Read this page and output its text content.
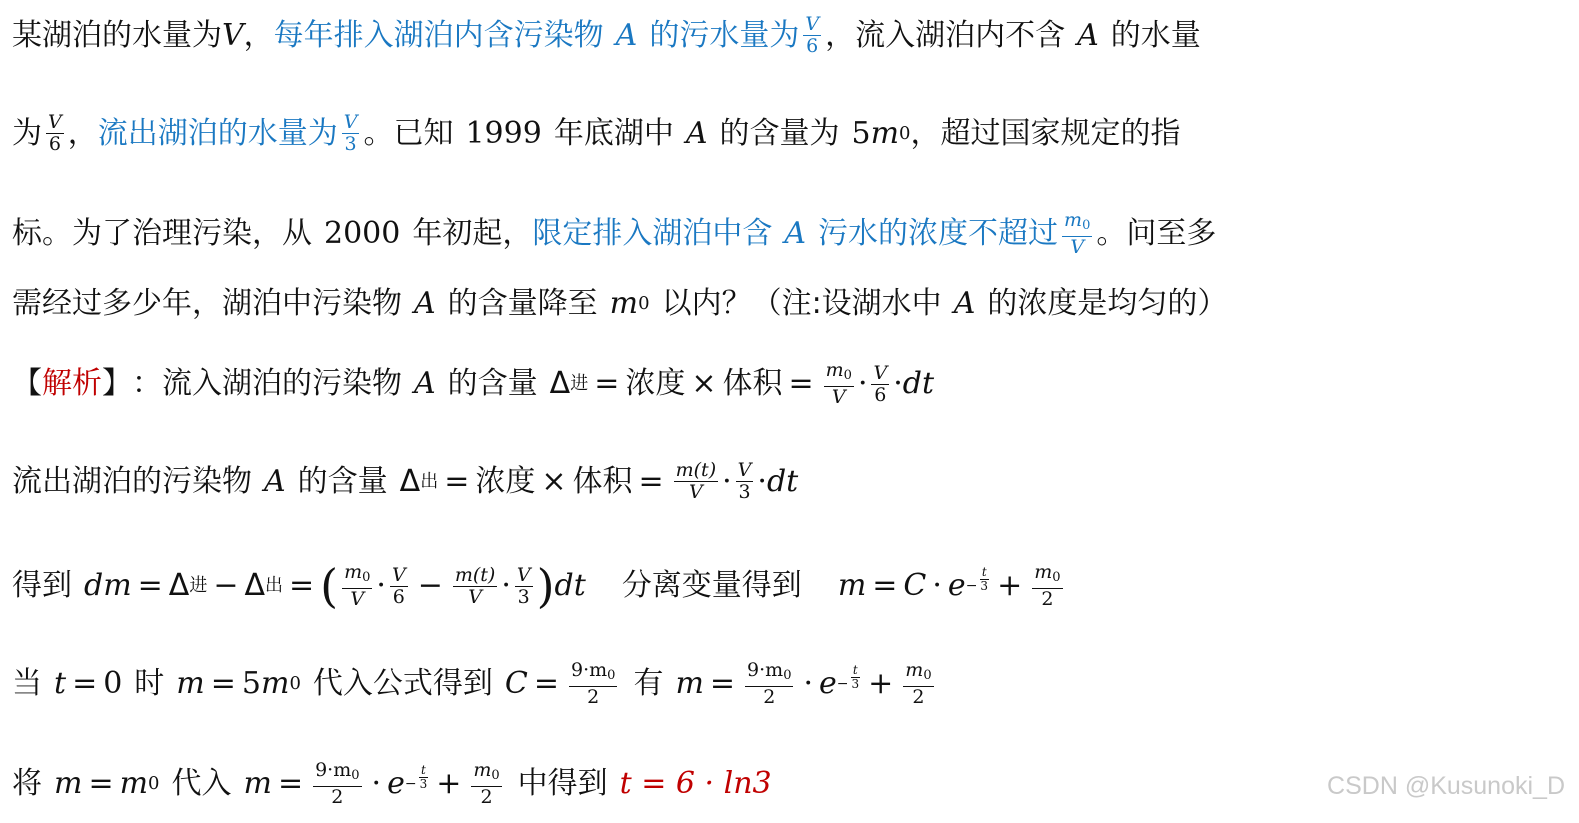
某湖泊的水量为 V ， 每年排入湖泊内含污染物 A 的污水量为 $\frac{V}{6}$ ，流入湖泊内不含 A 的水量
为 $\frac{V}{6}$ ， 流出湖泊的水量为 $\frac{V}{3}$ 。已知 1999 年底湖中 A 的含量为 5 m 0 ，超过国家规定的指
标。为了治理污染，从 2000 年初起， 限定排入湖泊中含 A 污水的浓度不超过 $\frac{m_0}{V}$ 。问至多
需经过多少年，湖泊中污染物 A 的含量降至 m 0 以内？（注:设湖水中 A 的浓度是均匀的）
【 解析 】 ： 流入湖泊的污染物 A 的含量 Δ 进 = 浓度 × 体积 = $\frac{m_0}{V} \cdot \frac{V}{6}$ · dt
流出湖泊的污染物 A 的含量 Δ 出 = 浓度 × 体积 = $\frac{m(t)}{V} \cdot \frac{V}{3}$ · dt
得到 dm = Δ 进 − Δ 出 = ( $\frac{m_0}{V} \cdot \frac{V}{6} - \frac{m(t)}{V} \cdot \frac{V}{3}$ ) dt 分离变量得到 $m = C \cdot e - \frac{t}{3} + \frac{m_0}{2}$
当 t = 0 时 m = 5 m 0 代入公式得到 $C = \frac{9\cdot m_0}{2}$ 有 $m = \frac{9\cdot m_0}{2} \cdot e - \frac{t}{3} + \frac{m_0}{2}$
将 m = m 0 代入 $m = \frac{9\cdot m_0}{2} \cdot e - \frac{t}{3} + \frac{m_0}{2}$ 中得到 t = 6 · ln3	CSDN @Kusunoki_D
